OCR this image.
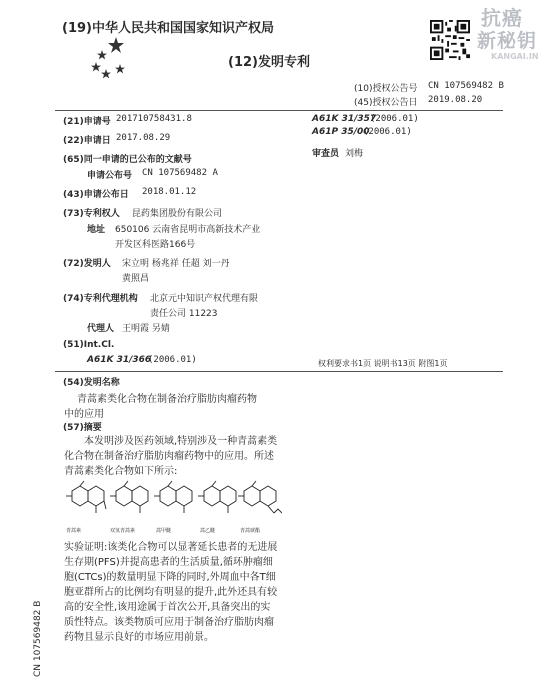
(19)中华人民共和国国家知识产权局
(12)发明专利
抗癌
新秘钥
KANGAI.IN
(10)授权公告号 CN 107569482 B
(45)授权公告日 2019.08.20
(21)申请号 201710758431.8
(22)申请日 2017.08.29
(65)同一申请的已公布的文献号
申请公布号 CN 107569482 A
(43)申请公布日 2018.01.12
(73)专利权人 昆药集团股份有限公司
地址 650106 云南省昆明市高新技术产业
开发区科医路166号
(72)发明人 宋立明 杨兆祥 任超 刘一丹
黄照昌
(74)专利代理机构 北京元中知识产权代理有限
责任公司 11223
代理人 王明霞 另婧
(51)Int.Cl.
A61K 31/366
(2006.01)
A61K 31/357
(2006.01)
A61P 35/00
(2006.01)
审查员 刘梅
权利要求书1页 说明书13页 附图1页
(54)发明名称
青蒿素类化合物在制备治疗脂肪肉瘤药物
中的应用
(57)摘要
本发明涉及医药领域,特别涉及一种青蒿素类化合物在制备治疗脂肪肉瘤药物中的应用。所述青蒿素类化合物如下所示:
青蒿素	双氢青蒿素	蒿甲醚	蒿乙醚	青蒿琥酯
实验证明:该类化合物可以显著延长患者的无进展生存期(PFS)并提高患者的生活质量,循环肿瘤细胞(CTCs)的数量明显下降的同时,外周血中各T细胞亚群所占的比例均有明显的提升,此外还具有较高的安全性,该用途属于首次公开,具备突出的实质性特点。该类物质可应用于制备治疗脂肪肉瘤药物且显示良好的市场应用前景。
CN 107569482 B
